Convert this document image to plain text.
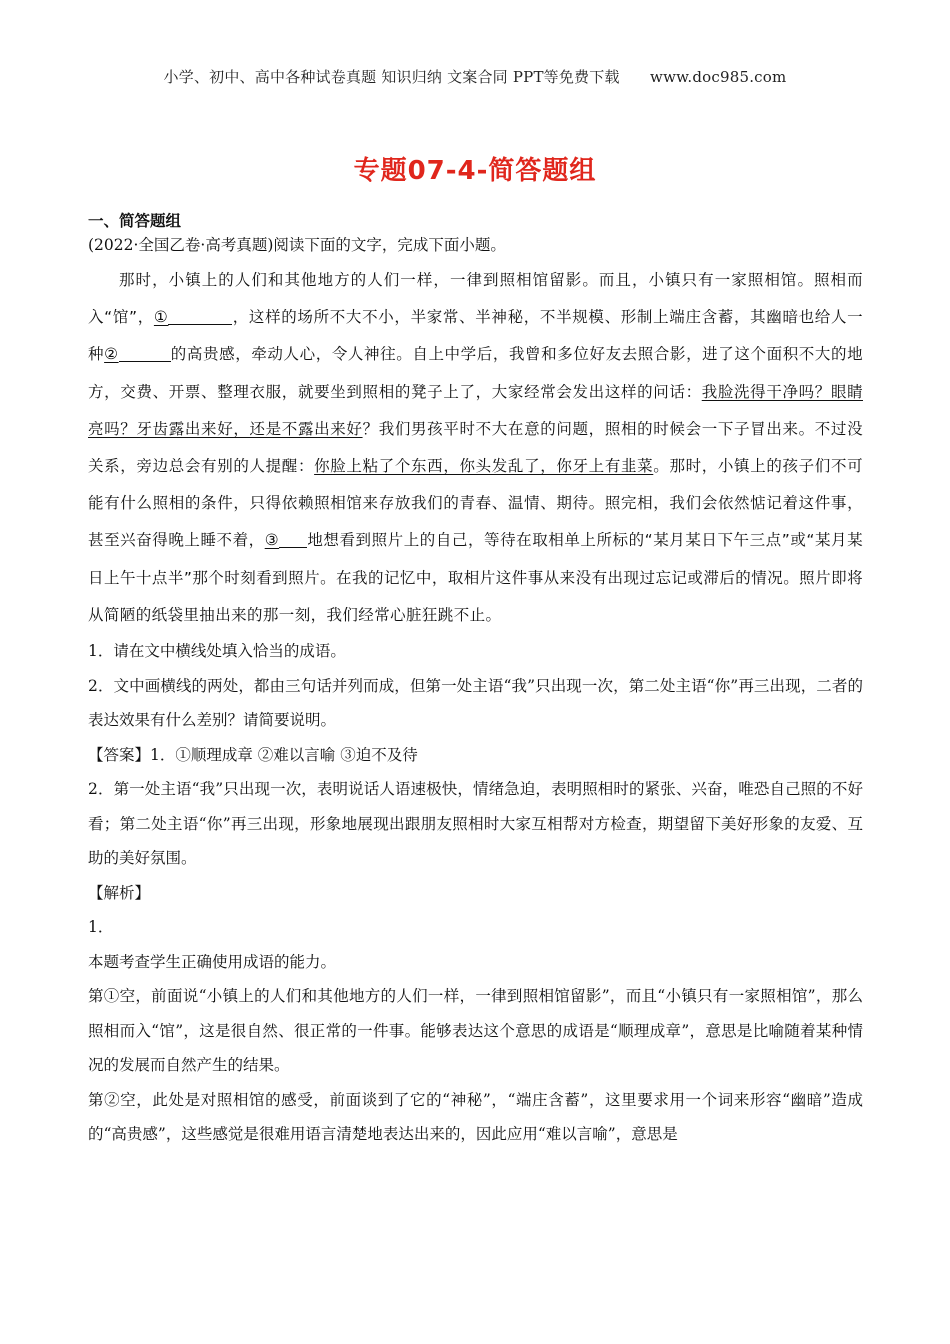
小学、初中、高中各种试卷真题 知识归纳 文案合同 PPT等免费下载　　www.doc985.com
专题07-4-简答题组
一、简答题组
(2022·全国乙卷·高考真题)阅读下面的文字，完成下面小题。

那时，小镇上的人们和其他地方的人们一样，一律到照相馆留影。而且，小镇只有一家照相馆。照相而入“馆”，①	，这样的场所不大不小，半家常、半神秘，不半规模、形制上端庄含蓄，其幽暗也给人一种②	的高贵感，牵动人心，令人神往。自上中学后，我曾和多位好友去照合影，进了这个面积不大的地方，交费、开票、整理衣服，就要坐到照相的凳子上了，大家经常会发出这样的问话：我脸洗得干净吗？眼睛亮吗？牙齿露出来好，还是不露出来好？我们男孩平时不大在意的问题，照相的时候会一下子冒出来。不过没关系，旁边总会有别的人提醒：你脸上粘了个东西，你头发乱了，你牙上有韭菜。那时，小镇上的孩子们不可能有什么照相的条件，只得依赖照相馆来存放我们的青春、温情、期待。照完相，我们会依然惦记着这件事，甚至兴奋得晚上睡不着，③ 地想看到照片上的自己，等待在取相单上所标的“某月某日下午三点”或“某月某日上午十点半”那个时刻看到照片。在我的记忆中，取相片这件事从来没有出现过忘记或滞后的情况。照片即将从简陋的纸袋里抽出来的那一刻，我们经常心脏狂跳不止。

1．请在文中横线处填入恰当的成语。

2．文中画横线的两处，都由三句话并列而成，但第一处主语“我”只出现一次，第二处主语“你”再三出现，二者的表达效果有什么差别？请简要说明。

【答案】1．①顺理成章 ②难以言喻 ③迫不及待

2．第一处主语“我”只出现一次，表明说话人语速极快，情绪急迫，表明照相时的紧张、兴奋，唯恐自己照的不好看；第二处主语“你”再三出现，形象地展现出跟朋友照相时大家互相帮对方检查，期望留下美好形象的友爱、互助的美好氛围。

【解析】

1．

本题考查学生正确使用成语的能力。

第①空，前面说“小镇上的人们和其他地方的人们一样，一律到照相馆留影”，而且“小镇只有一家照相馆”，那么照相而入“馆”，这是很自然、很正常的一件事。能够表达这个意思的成语是“顺理成章”，意思是比喻随着某种情况的发展而自然产生的结果。

第②空，此处是对照相馆的感受，前面谈到了它的“神秘”，“端庄含蓄”，这里要求用一个词来形容“幽暗”造成的“高贵感”，这些感觉是很难用语言清楚地表达出来的，因此应用“难以言喻”，意思是
